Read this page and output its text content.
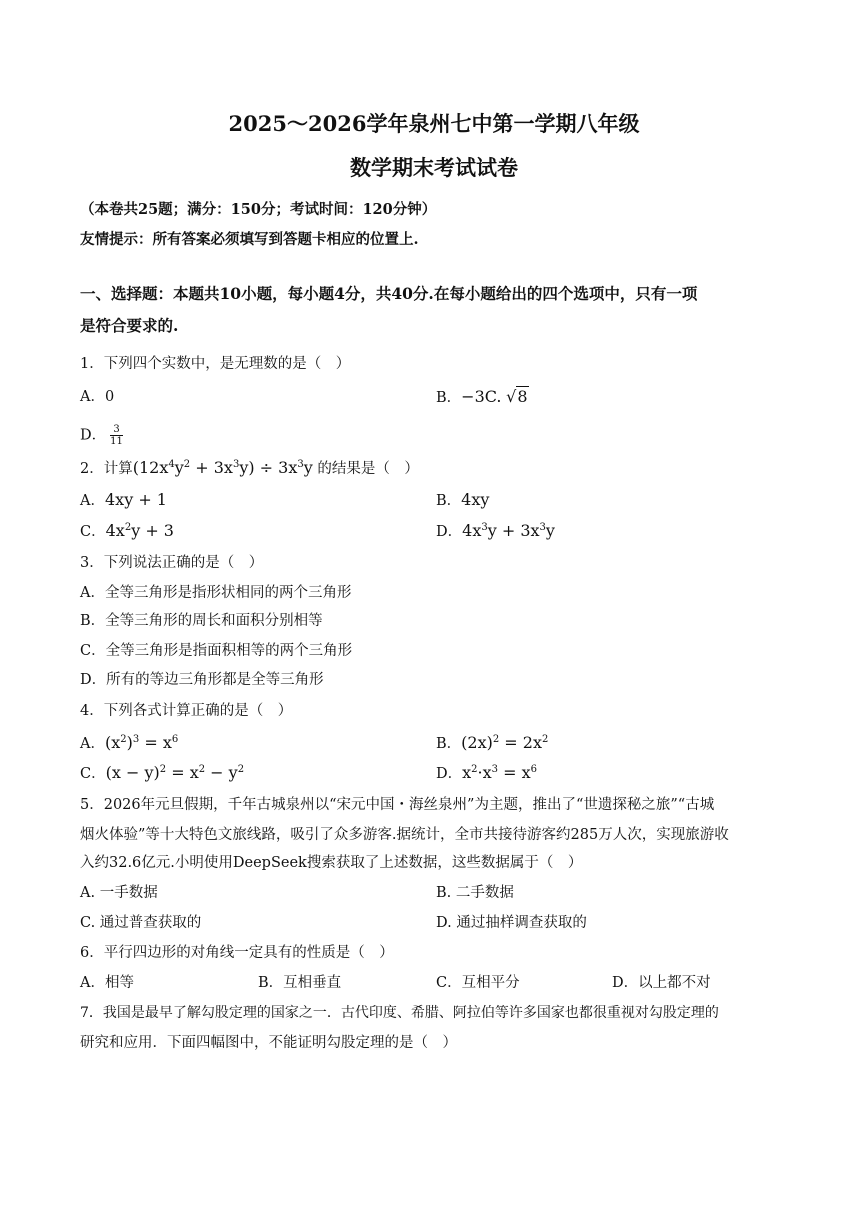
2025～2026学年泉州七中第一学期八年级
数学期末考试试卷
（本卷共25题；满分：150分；考试时间：120分钟）
友情提示：所有答案必须填写到答题卡相应的位置上.
一、选择题：本题共10小题，每小题4分，共40分.在每小题给出的四个选项中，只有一项
是符合要求的.
1．下列四个实数中，是无理数的是（　）
A．0	B．−3C. √8
D． $\frac{3}{11}$
2．计算$(12x^4y^2 + 3x^3y) \div 3x^3y$ 的结果是（　）
A．4xy + 1	B．4xy
C．$4x^2y + 3$	D．$4x^3y + 3x^3y$
3．下列说法正确的是（　）
A．全等三角形是指形状相同的两个三角形
B．全等三角形的周长和面积分别相等
C．全等三角形是指面积相等的两个三角形
D．所有的等边三角形都是全等三角形
4．下列各式计算正确的是（　）
A．$(x^2)^3 = x^6$	B．$(2x)^2 = 2x^2$
C．$(x - y)^2 = x^2 - y^2$	D．$x^2\cdot x^3 = x^6$
5．2026年元旦假期，千年古城泉州以“宋元中国・海丝泉州”为主题，推出了“世遗探秘之旅”“古城
烟火体验”等十大特色文旅线路，吸引了众多游客.据统计，全市共接待游客约285万人次，实现旅游收
入约32.6亿元.小明使用DeepSeek搜索获取了上述数据，这些数据属于（　）
A. 一手数据	B. 二手数据
C. 通过普查获取的	D. 通过抽样调查获取的
6．平行四边形的对角线一定具有的性质是（　）
A．相等	B．互相垂直	C．互相平分	D．以上都不对
7．我国是最早了解勾股定理的国家之一．古代印度、希腊、阿拉伯等许多国家也都很重视对勾股定理的
研究和应用．下面四幅图中，不能证明勾股定理的是（　）
